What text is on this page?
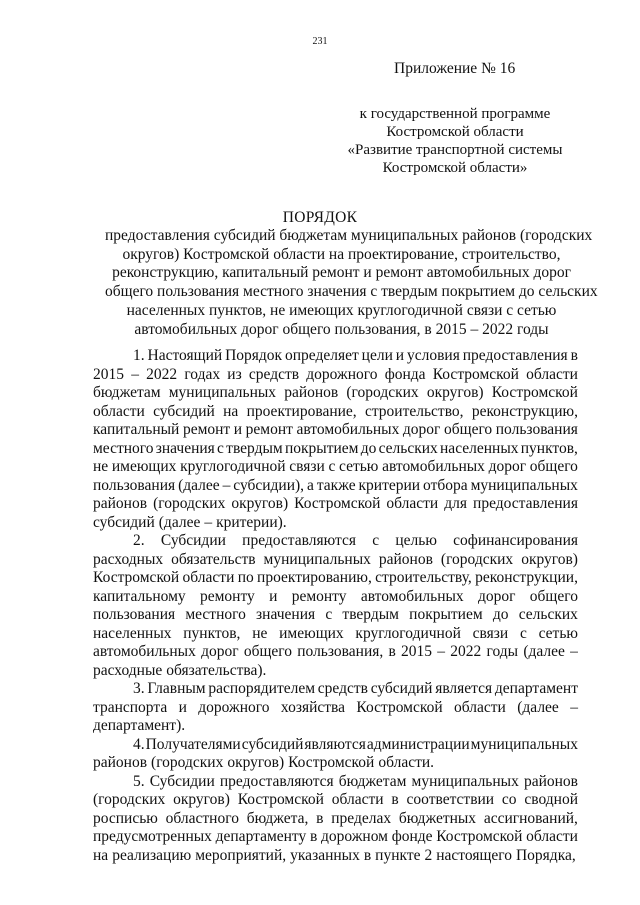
231
Приложение № 16
к государственной программе
Костромской области
«Развитие транспортной системы
Костромской области»
ПОРЯДОК
предоставления субсидий бюджетам муниципальных районов (городских
округов) Костромской области на проектирование, строительство,
реконструкцию, капитальный ремонт и ремонт автомобильных дорог
общего пользования местного значения с твердым покрытием до сельских
населенных пунктов, не имеющих круглогодичной связи с сетью
автомобильных дорог общего пользования, в 2015 – 2022 годы
1. Настоящий Порядок определяет цели и условия предоставления в
2015 – 2022 годах из средств дорожного фонда Костромской области
бюджетам муниципальных районов (городских округов) Костромской
области субсидий на проектирование, строительство, реконструкцию,
капитальный ремонт и ремонт автомобильных дорог общего пользования
местного значения с твердым покрытием до сельских населенных пунктов,
не имеющих круглогодичной связи с сетью автомобильных дорог общего
пользования (далее – субсидии), а также критерии отбора муниципальных
районов (городских округов) Костромской области для предоставления
субсидий (далее – критерии).
2. Субсидии предоставляются с целью софинансирования
расходных обязательств муниципальных районов (городских округов)
Костромской области по проектированию, строительству, реконструкции,
капитальному ремонту и ремонту автомобильных дорог общего
пользования местного значения с твердым покрытием до сельских
населенных пунктов, не имеющих круглогодичной связи с сетью
автомобильных дорог общего пользования, в 2015 – 2022 годы (далее –
расходные обязательства).
3. Главным распорядителем средств субсидий является департамент
транспорта и дорожного хозяйства Костромской области (далее –
департамент).
4. Получателями субсидий являются администрации муниципальных
районов (городских округов) Костромской области.
5. Субсидии предоставляются бюджетам муниципальных районов
(городских округов) Костромской области в соответствии со сводной
росписью областного бюджета, в пределах бюджетных ассигнований,
предусмотренных департаменту в дорожном фонде Костромской области
на реализацию мероприятий, указанных в пункте 2 настоящего Порядка,
